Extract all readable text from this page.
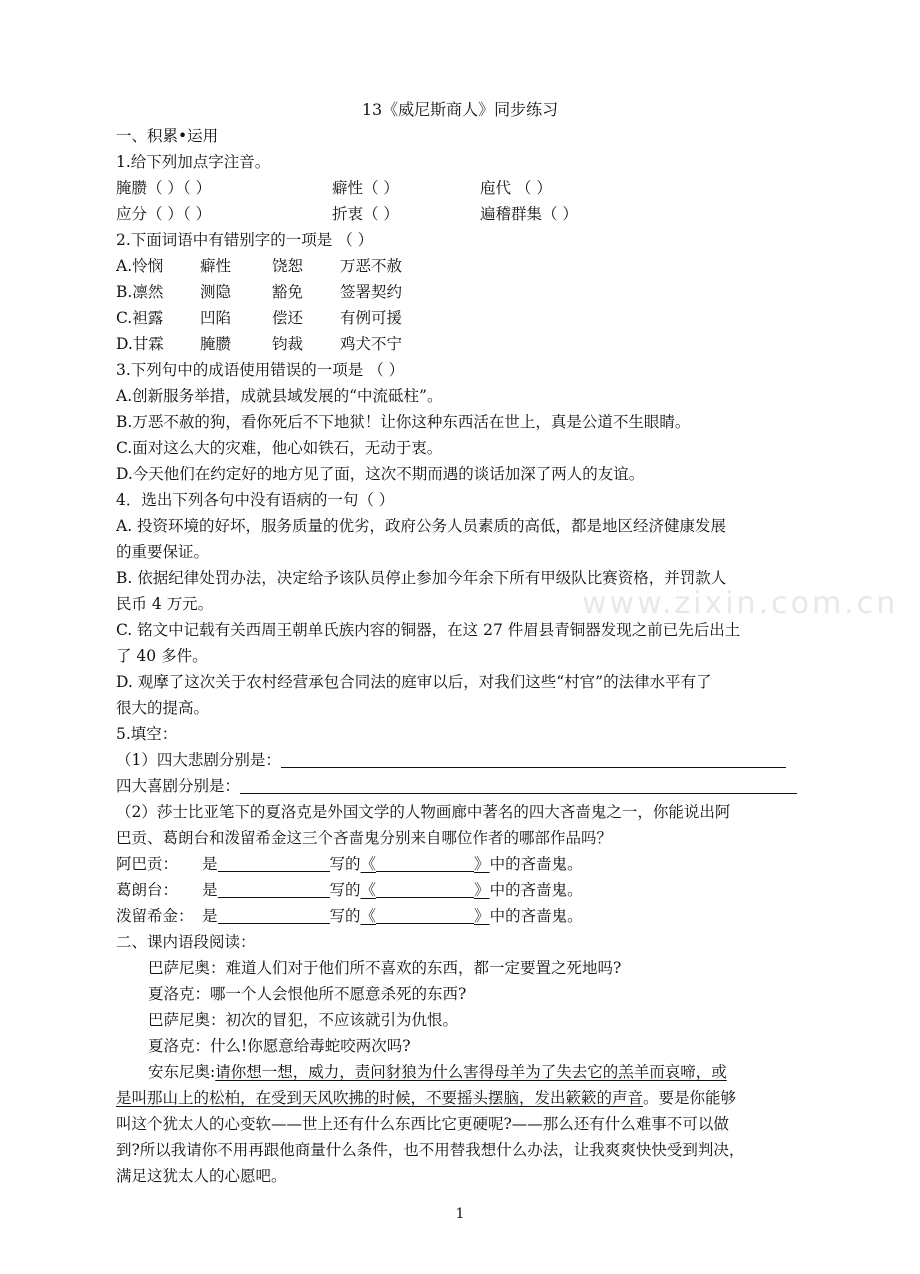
13《威尼斯商人》同步练习
一、积累•运用
1.给下列加点字注音。
腌臜（ ）（ ）	癖性（ ）	庖代 （ ）
应分（ ）（ ）	折衷（ ）	遍稽群集（ ）
2.下面词语中有错别字的一项是 （ ）
A.怜悯 癖性	饶恕 万恶不赦
B.凛然 测隐	豁免 签署契约
C.袒露 凹陷	偿还 有例可援
D.甘霖 腌臜	钧裁 鸡犬不宁
3.下列句中的成语使用错误的一项是 （ ）
A.创新服务举措，成就县域发展的“中流砥柱”。
B.万恶不赦的狗，看你死后不下地狱！让你这种东西活在世上，真是公道不生眼睛。
C.面对这么大的灾难，他心如铁石，无动于衷。
D.今天他们在约定好的地方见了面，这次不期而遇的谈话加深了两人的友谊。
4．选出下列各句中没有语病的一句（ ）
A. 投资环境的好坏，服务质量的优劣，政府公务人员素质的高低，都是地区经济健康发展
的重要保证。
B. 依据纪律处罚办法，决定给予该队员停止参加今年余下所有甲级队比赛资格，并罚款人
民币 4 万元。
C. 铭文中记载有关西周王朝单氏族内容的铜器，在这 27 件眉县青铜器发现之前已先后出土
了 40 多件。
D. 观摩了这次关于农村经营承包合同法的庭审以后，对我们这些“村官”的法律水平有了
很大的提高。
5.填空：
（1）四大悲剧分别是：
四大喜剧分别是：
（2）莎士比亚笔下的夏洛克是外国文学的人物画廊中著名的四大吝啬鬼之一，你能说出阿
巴贡、葛朗台和泼留希金这三个吝啬鬼分别来自哪位作者的哪部作品吗？
阿巴贡： 是	写的《	》中的吝啬鬼。
葛朗台： 是	写的《	》中的吝啬鬼。
泼留希金： 是	写的《	》中的吝啬鬼。
二、课内语段阅读：
巴萨尼奥：难道人们对于他们所不喜欢的东西，都一定要置之死地吗?
夏洛克：哪一个人会恨他所不愿意杀死的东西?
巴萨尼奥：初次的冒犯，不应该就引为仇恨。
夏洛克：什么!你愿意给毒蛇咬两次吗?
安东尼奥:请你想一想，威力，责问豺狼为什么害得母羊为了失去它的羔羊而哀啼，或
是叫那山上的松柏，在受到天风吹拂的时候，不要摇头摆脑，发出簌簌的声音。要是你能够
叫这个犹太人的心变软——世上还有什么东西比它更硬呢?——那么还有什么难事不可以做
到?所以我请你不用再跟他商量什么条件，也不用替我想什么办法，让我爽爽快快受到判决，
满足这犹太人的心愿吧。
www.zixin.com.cn
1
